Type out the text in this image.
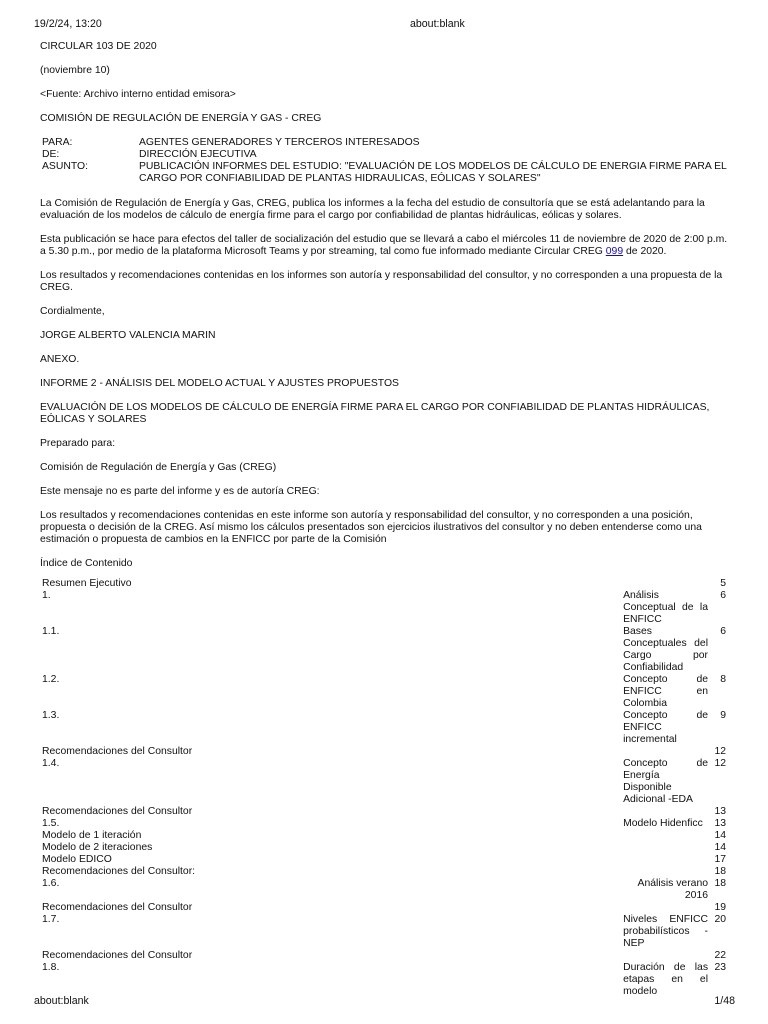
19/2/24, 13:20	about:blank

CIRCULAR 103 DE 2020

(noviembre 10)

<Fuente: Archivo interno entidad emisora>

COMISIÓN DE REGULACIÓN DE ENERGÍA Y GAS - CREG

PARA:	AGENTES GENERADORES Y TERCEROS INTERESADOS
DE:	DIRECCIÓN EJECUTIVA
ASUNTO:	PUBLICACIÓN INFORMES DEL ESTUDIO: "EVALUACIÓN DE LOS MODELOS DE CÁLCULO DE ENERGIA FIRME PARA EL CARGO POR CONFIABILIDAD DE PLANTAS HIDRAULICAS, EÓLICAS Y SOLARES"

La Comisión de Regulación de Energía y Gas, CREG, publica los informes a la fecha del estudio de consultoría que se está adelantando para la evaluación de los modelos de cálculo de energía firme para el cargo por confiabilidad de plantas hidráulicas, eólicas y solares.

Esta publicación se hace para efectos del taller de socialización del estudio que se llevará a cabo el miércoles 11 de noviembre de 2020 de 2:00 p.m. a 5.30 p.m., por medio de la plataforma Microsoft Teams y por streaming, tal como fue informado mediante Circular CREG 099 de 2020.

Los resultados y recomendaciones contenidas en los informes son autoría y responsabilidad del consultor, y no corresponden a una propuesta de la CREG.

Cordialmente,

JORGE ALBERTO VALENCIA MARIN

ANEXO.

INFORME 2 - ANÁLISIS DEL MODELO ACTUAL Y AJUSTES PROPUESTOS

EVALUACIÓN DE LOS MODELOS DE CÁLCULO DE ENERGÍA FIRME PARA EL CARGO POR CONFIABILIDAD DE PLANTAS HIDRÁULICAS, EÓLICAS Y SOLARES

Preparado para:

Comisión de Regulación de Energía y Gas (CREG)

Este mensaje no es parte del informe y es de autoría CREG:

Los resultados y recomendaciones contenidas en este informe son autoría y responsabilidad del consultor, y no corresponden a una posición, propuesta o decisión de la CREG. Así mismo los cálculos presentados son ejercicios ilustrativos del consultor y no deben entenderse como una estimación o propuesta de cambios en la ENFICC por parte de la Comisión

Índice de Contenido

Resumen Ejecutivo	5	
1.	Análisis Conceptual de la ENFICC	6
1.1.	Bases Conceptuales del Cargo por Confiabilidad	6
1.2.	Concepto de ENFICC en Colombia	8
1.3.	Concepto de ENFICC incremental	9
Recomendaciones del Consultor	12	
1.4.	Concepto de Energía Disponible Adicional -EDA	12
Recomendaciones del Consultor	13	
1.5.	Modelo Hidenficc	13
Modelo de 1 iteración	14	
Modelo de 2 iteraciones	14	
Modelo EDICO	17	
Recomendaciones del Consultor:	18	
1.6.	Análisis verano 2016	18
Recomendaciones del Consultor	19	
1.7.	Niveles ENFICC probabilísticos - NEP	20
Recomendaciones del Consultor	22	
1.8.	Duración de las etapas en el modelo	23
about:blank	1/48
